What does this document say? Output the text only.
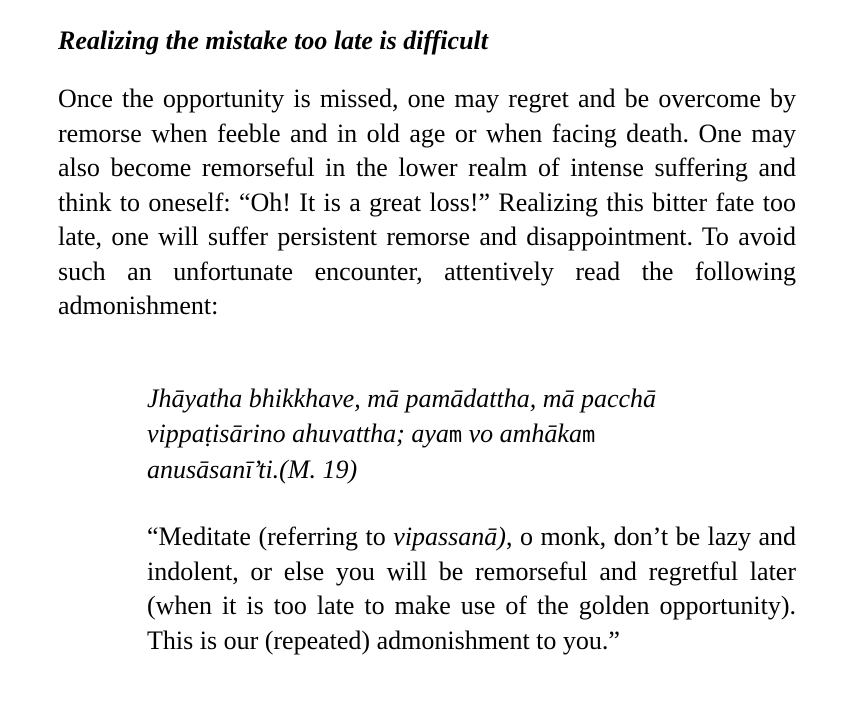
Realizing the mistake too late is difficult

Once the opportunity is missed, one may regret and be overcome by remorse when feeble and in old age or when facing death. One may also become remorseful in the lower realm of intense suffering and think to oneself: “Oh! It is a great loss!” Realizing this bitter fate too late, one will suffer persistent remorse and disappointment. To avoid such an unfortunate encounter, attentively read the following admonishment:

Jhāyatha bhikkhave, mā pamādattha, mā pacchā
vippaṭisārino ahuvattha; ayam vo amhākam
anusāsanī’ti.(M. 19)

“Meditate (referring to vipassanā), o monk, don’t be lazy and indolent, or else you will be remorseful and regretful later (when it is too late to make use of the golden opportunity). This is our (repeated) admonishment to you.”
